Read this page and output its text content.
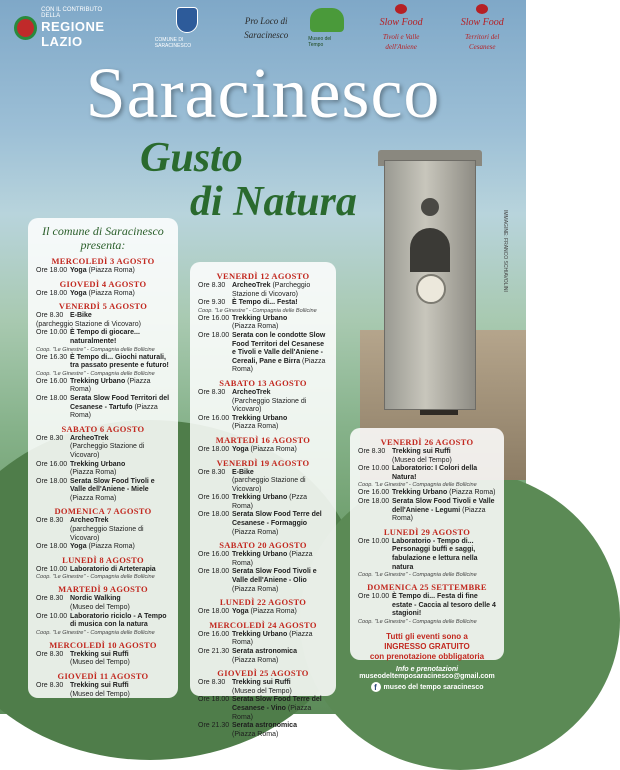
CON IL CONTRIBUTO DELLA
REGIONE
LAZIO	COMUNE DI SARACINESCO
Pro Loco di
Saracinesco	Museo del Tempo
Slow Food
Tivoli e Valle dell'Aniene
Slow Food
Territori del Cesanese
Saracinesco
Gusto
di Natura
IMMAGINE: FRANCO SCHIAVOLINI
Il comune di Saracinesco
presenta:
MERCOLEDÌ 3 AGOSTO
Ore 18.00 Yoga (Piazza Roma)
GIOVEDÌ 4 AGOSTO
Ore 18.00 Yoga (Piazza Roma)
VENERDÌ 5 AGOSTO
Ore 8.30 E-Bike
(parcheggio Stazione di Vicovaro)
Ore 10.00 È Tempo di giocare... naturalmente!
Coop. "Le Ginestre" - Compagnia delle Bollicine
Ore 16.30 È Tempo di... Giochi naturali, tra passato presente e futuro!
Coop. "Le Ginestre" - Compagnia delle Bollicine
Ore 16.00 Trekking Urbano (Piazza Roma)
Ore 18.00 Serata Slow Food Territori del Cesanese - Tartufo (Piazza Roma)
SABATO 6 AGOSTO
Ore 8.30 ArcheoTrek
(Parcheggio Stazione di Vicovaro)
Ore 16.00 Trekking Urbano
(Piazza Roma)
Ore 18.00 Serata Slow Food Tivoli e Valle dell'Aniene - Miele (Piazza Roma)
DOMENICA 7 AGOSTO
Ore 8.30 ArcheoTrek
(parcheggio Stazione di Vicovaro)
Ore 18.00 Yoga (Piazza Roma)
LUNEDÌ 8 AGOSTO
Ore 10.00 Laboratorio di Arteterapia
Coop. "Le Ginestre" - Compagnia delle Bollicine
MARTEDÌ 9 AGOSTO
Ore 8.30 Nordic Walking
(Museo del Tempo)
Ore 10.00 Laboratorio riciclo - A Tempo di musica con la natura
Coop. "Le Ginestre" - Compagnia delle Bollicine
MERCOLEDÌ 10 AGOSTO
Ore 8.30 Trekking sui Ruffi
(Museo del Tempo)
GIOVEDÌ 11 AGOSTO
Ore 8.30 Trekking sui Ruffi
(Museo del Tempo)
VENERDÌ 12 AGOSTO
Ore 8.30 ArcheoTrek (Parcheggio Stazione di Vicovaro)
Ore 9.30 È Tempo di... Festa!
Coop. "Le Ginestre" - Compagnia delle Bollicine
Ore 16.00 Trekking Urbano
(Piazza Roma)
Ore 18.00 Serata con le condotte Slow Food Territori del Cesanese e Tivoli e Valle dell'Aniene - Cereali, Pane e Birra (Piazza Roma)
SABATO 13 AGOSTO
Ore 8.30 ArcheoTrek
(Parcheggio Stazione di Vicovaro)
Ore 16.00 Trekking Urbano
(Piazza Roma)
MARTEDÌ 16 AGOSTO
Ore 18.00 Yoga (Piazza Roma)
VENERDÌ 19 AGOSTO
Ore 8.30 E-Bike
(parcheggio Stazione di Vicovaro)
Ore 16.00 Trekking Urbano (Pzza Roma)
Ore 18.00 Serata Slow Food Terre del Cesanese - Formaggio (Piazza Roma)
SABATO 20 AGOSTO
Ore 16.00 Trekking Urbano (Piazza Roma)
Ore 18.00 Serata Slow Food Tivoli e Valle dell'Aniene - Olio (Piazza Roma)
LUNEDÌ 22 AGOSTO
Ore 18.00 Yoga (Piazza Roma)
MERCOLEDÌ 24 AGOSTO
Ore 16.00 Trekking Urbano (Piazza Roma)
Ore 21.30 Serata astronomica
(Piazza Roma)
GIOVEDÌ 25 AGOSTO
Ore 8.30 Trekking sui Ruffi
(Museo del Tempo)
Ore 18.00 Serata Slow Food Terre del Cesanese - Vino (Piazza Roma)
Ore 21.30 Serata astronomica
(Piazza Roma)
VENERDÌ 26 AGOSTO
Ore 8.30 Trekking sui Ruffi
(Museo del Tempo)
Ore 10.00 Laboratorio: I Colori della Natura!
Coop. "Le Ginestre" - Compagnia delle Bollicine
Ore 16.00 Trekking Urbano (Piazza Roma)
Ore 18.00 Serata Slow Food Tivoli e Valle dell'Aniene - Legumi (Piazza Roma)
LUNEDÌ 29 AGOSTO
Ore 10.00 Laboratorio - Tempo di... Personaggi buffi e saggi, fabulazione e lettura nella natura
Coop. "Le Ginestre" - Compagnia delle Bollicine
DOMENICA 25 SETTEMBRE
Ore 10.00 È Tempo di... Festa di fine estate - Caccia al tesoro delle 4 stagioni!
Coop. "Le Ginestre" - Compagnia delle Bollicine
Tutti gli eventi sono a
INGRESSO GRATUITO
con prenotazione obbligatoria
Info e prenotazioni
museodeltemposaracinesco@gmail.com
f museo del tempo saracinesco
